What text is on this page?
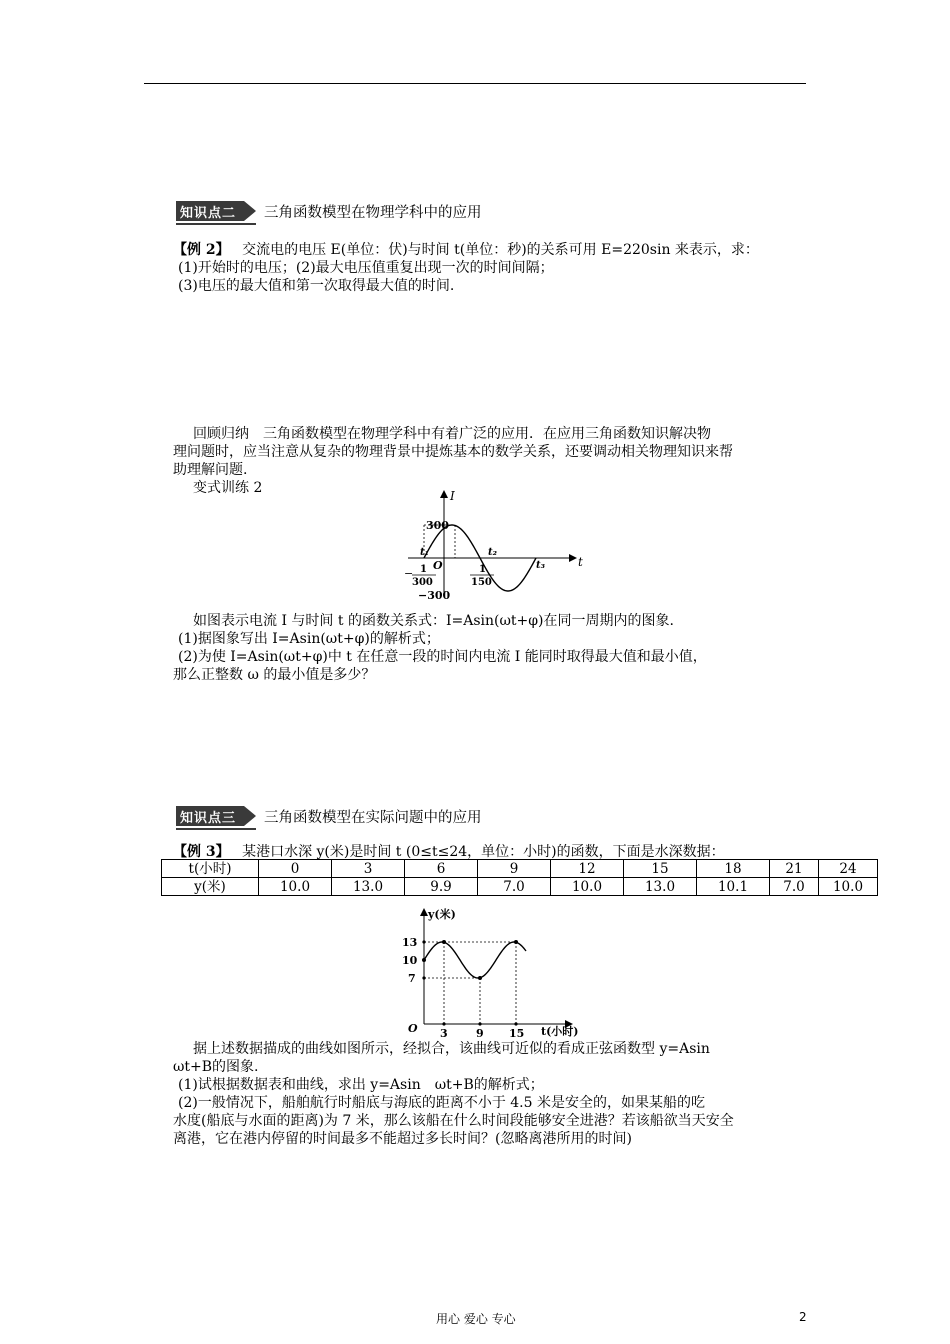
知识点二 三角函数模型在物理学科中的应用
【例 2】 交流电的电压 E(单位：伏)与时间 t(单位：秒)的关系可用 E=220sin 来表示，求：
(1)开始时的电压；(2)最大电压值重复出现一次的时间间隔；
(3)电压的最大值和第一次取得最大值的时间.
回顾归纳　三角函数模型在物理学科中有着广泛的应用．在应用三角函数知识解决物
理问题时，应当注意从复杂的物理背景中提炼基本的数学关系，还要调动相关物理知识来帮
助理解问题.
变式训练 2	I
t
300
O
t₁	t₂
t₃
− 1
300
1
150
−300
如图表示电流 I 与时间 t 的函数关系式：I=Asin(ωt+φ)在同一周期内的图象.
(1)据图象写出 I=Asin(ωt+φ)的解析式；
(2)为使 I=Asin(ωt+φ)中 t 在任意一段的时间内电流 I 能同时取得最大值和最小值，
那么正整数 ω 的最小值是多少？
知识点三 三角函数模型在实际问题中的应用
【例 3】 某港口水深 y(米)是时间 t (0≤t≤24，单位：小时)的函数，下面是水深数据：
t(小时)	0	3	6	9	12	15	18	21	24
y(米)	10.0	13.0	9.9	7.0	10.0	13.0	10.1	7.0	10.0
y(米)
t(小时)
13
10
7
O 3	9 15
据上述数据描成的曲线如图所示，经拟合，该曲线可近似的看成正弦函数型 y=Asin
ωt+B的图象.
(1)试根据数据表和曲线，求出 y=Asin　ωt+B的解析式；
(2)一般情况下，船舶航行时船底与海底的距离不小于 4.5 米是安全的，如果某船的吃
水度(船底与水面的距离)为 7 米，那么该船在什么时间段能够安全进港？若该船欲当天安全
离港，它在港内停留的时间最多不能超过多长时间？(忽略离港所用的时间)
用心 爱心 专心	2
